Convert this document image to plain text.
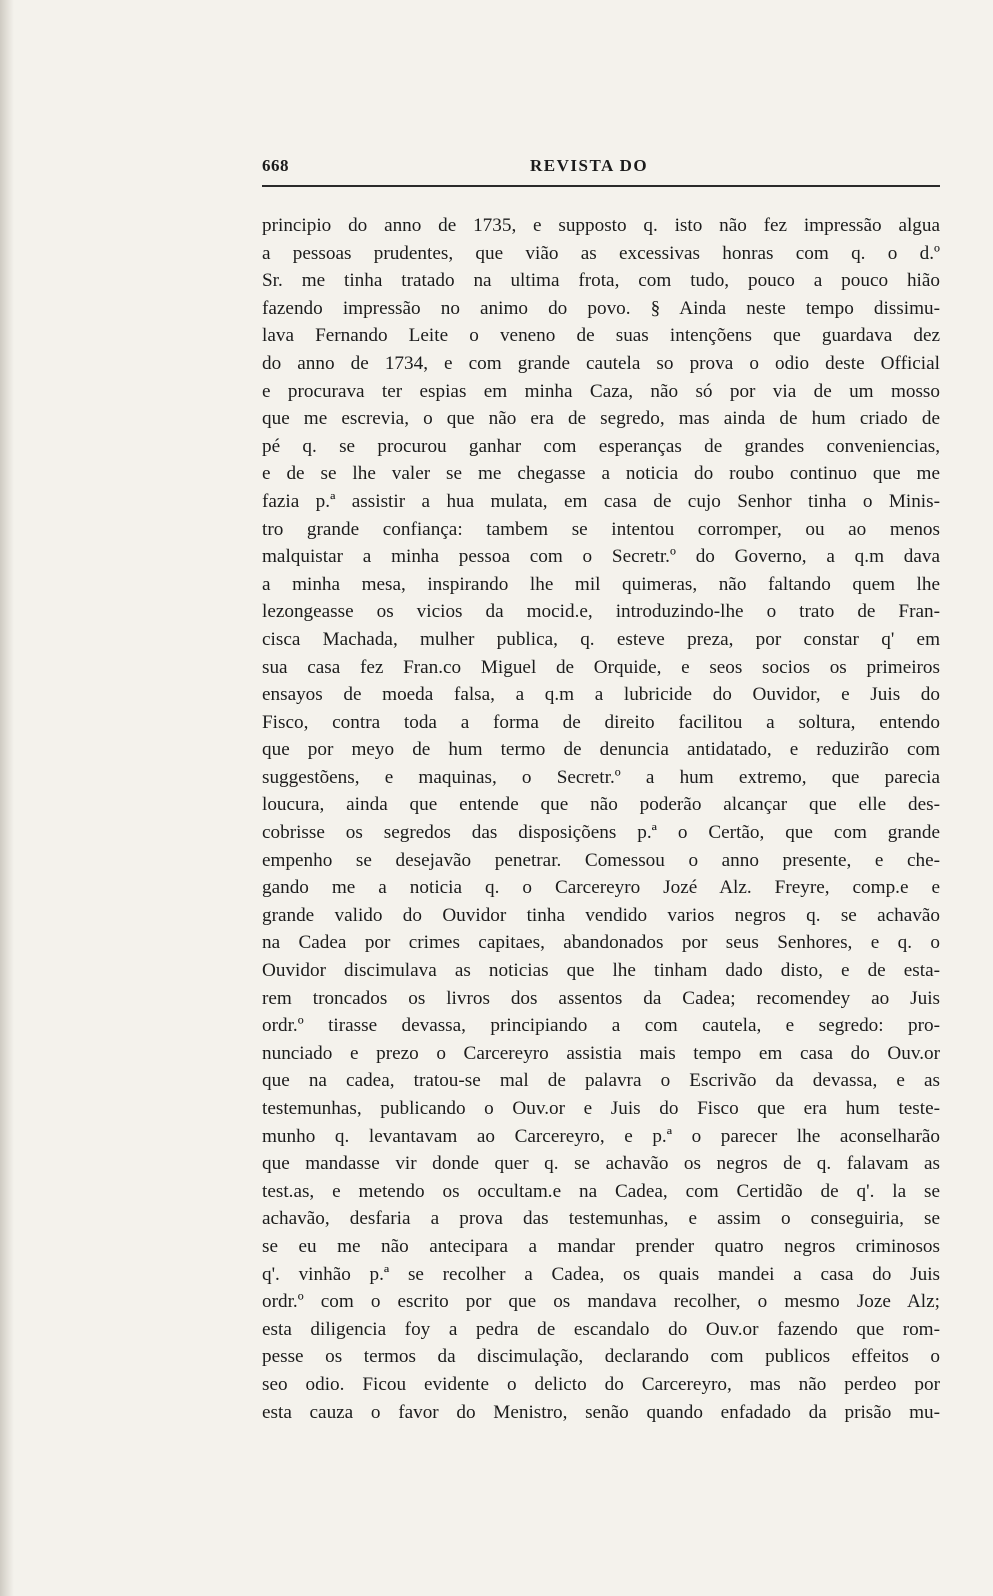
668	REVISTA DO
principio do anno de 1735, e supposto q. isto não fez impressão algua
a pessoas prudentes, que vião as excessivas honras com q. o d.º
Sr. me tinha tratado na ultima frota, com tudo, pouco a pouco hião
fazendo impressão no animo do povo. § Ainda neste tempo dissimu-
lava Fernando Leite o veneno de suas intençõens que guardava dez
do anno de 1734, e com grande cautela so prova o odio deste Official
e procurava ter espias em minha Caza, não só por via de um mosso
que me escrevia, o que não era de segredo, mas ainda de hum criado de
pé q. se procurou ganhar com esperanças de grandes conveniencias,
e de se lhe valer se me chegasse a noticia do roubo continuo que me
fazia p.ª assistir a hua mulata, em casa de cujo Senhor tinha o Minis-
tro grande confiança: tambem se intentou corromper, ou ao menos
malquistar a minha pessoa com o Secretr.º do Governo, a q.m dava
a minha mesa, inspirando lhe mil quimeras, não faltando quem lhe
lezongeasse os vicios da mocid.e, introduzindo-lhe o trato de Fran-
cisca Machada, mulher publica, q. esteve preza, por constar q' em
sua casa fez Fran.co Miguel de Orquide, e seos socios os primeiros
ensayos de moeda falsa, a q.m a lubricide do Ouvidor, e Juis do
Fisco, contra toda a forma de direito facilitou a soltura, entendo
que por meyo de hum termo de denuncia antidatado, e reduzirão com
suggestõens, e maquinas, o Secretr.º a hum extremo, que parecia
loucura, ainda que entende que não poderão alcançar que elle des-
cobrisse os segredos das disposiçõens p.ª o Certão, que com grande
empenho se desejavão penetrar. Comessou o anno presente, e che-
gando me a noticia q. o Carcereyro Jozé Alz. Freyre, comp.e e
grande valido do Ouvidor tinha vendido varios negros q. se achavão
na Cadea por crimes capitaes, abandonados por seus Senhores, e q. o
Ouvidor discimulava as noticias que lhe tinham dado disto, e de esta-
rem troncados os livros dos assentos da Cadea; recomendey ao Juis
ordr.º tirasse devassa, principiando a com cautela, e segredo: pro-
nunciado e prezo o Carcereyro assistia mais tempo em casa do Ouv.or
que na cadea, tratou-se mal de palavra o Escrivão da devassa, e as
testemunhas, publicando o Ouv.or e Juis do Fisco que era hum teste-
munho q. levantavam ao Carcereyro, e p.ª o parecer lhe aconselharão
que mandasse vir donde quer q. se achavão os negros de q. falavam as
test.as, e metendo os occultam.e na Cadea, com Certidão de q'. la se
achavão, desfaria a prova das testemunhas, e assim o conseguiria, se
se eu me não antecipara a mandar prender quatro negros criminosos
q'. vinhão p.ª se recolher a Cadea, os quais mandei a casa do Juis
ordr.º com o escrito por que os mandava recolher, o mesmo Joze Alz;
esta diligencia foy a pedra de escandalo do Ouv.or fazendo que rom-
pesse os termos da discimulação, declarando com publicos effeitos o
seo odio. Ficou evidente o delicto do Carcereyro, mas não perdeo por
esta cauza o favor do Menistro, senão quando enfadado da prisão mu-
